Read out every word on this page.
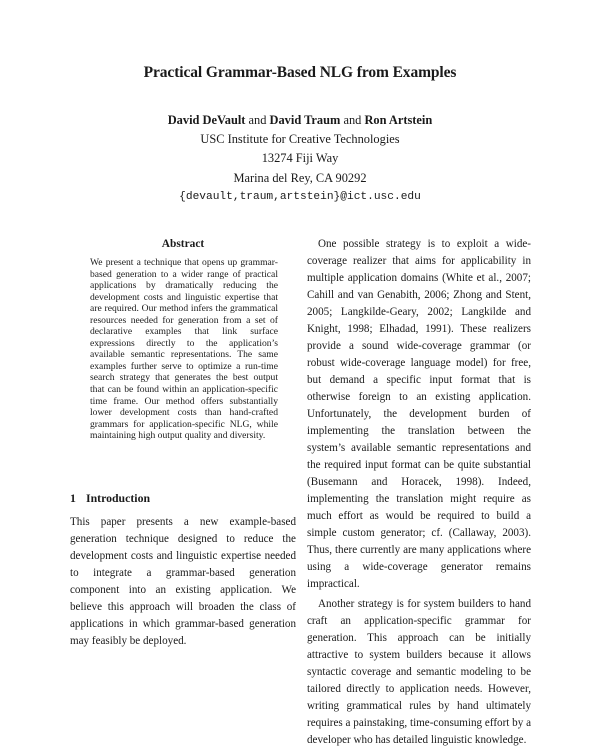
Practical Grammar-Based NLG from Examples
David DeVault and David Traum and Ron Artstein
USC Institute for Creative Technologies
13274 Fiji Way
Marina del Rey, CA 90292
{devault,traum,artstein}@ict.usc.edu
Abstract

We present a technique that opens up grammar-based generation to a wider range of practical applications by dramatically reducing the development costs and linguistic expertise that are required. Our method infers the grammatical resources needed for generation from a set of declarative examples that link surface expressions directly to the application’s available semantic representations. The same examples further serve to optimize a run-time search strategy that generates the best output that can be found within an application-specific time frame. Our method offers substantially lower development costs than hand-crafted grammars for application-specific NLG, while maintaining high output quality and diversity.

1 Introduction

This paper presents a new example-based generation technique designed to reduce the development costs and linguistic expertise needed to integrate a grammar-based generation component into an existing application. We believe this approach will broaden the class of applications in which grammar-based generation may feasibly be deployed.

One possible strategy is to exploit a wide-coverage realizer that aims for applicability in multiple application domains (White et al., 2007; Cahill and van Genabith, 2006; Zhong and Stent, 2005; Langkilde-Geary, 2002; Langkilde and Knight, 1998; Elhadad, 1991). These realizers provide a sound wide-coverage grammar (or robust wide-coverage language model) for free, but demand a specific input format that is otherwise foreign to an existing application. Unfortunately, the development burden of implementing the translation between the system’s available semantic representations and the required input format can be quite substantial (Busemann and Horacek, 1998). Indeed, implementing the translation might require as much effort as would be required to build a simple custom generator; cf. (Callaway, 2003). Thus, there currently are many applications where using a wide-coverage generator remains impractical.

Another strategy is for system builders to hand craft an application-specific grammar for generation. This approach can be initially attractive to system builders because it allows syntactic coverage and semantic modeling to be tailored directly to application needs. However, writing grammatical rules by hand ultimately requires a painstaking, time-consuming effort by a developer who has detailed linguistic knowledge.
